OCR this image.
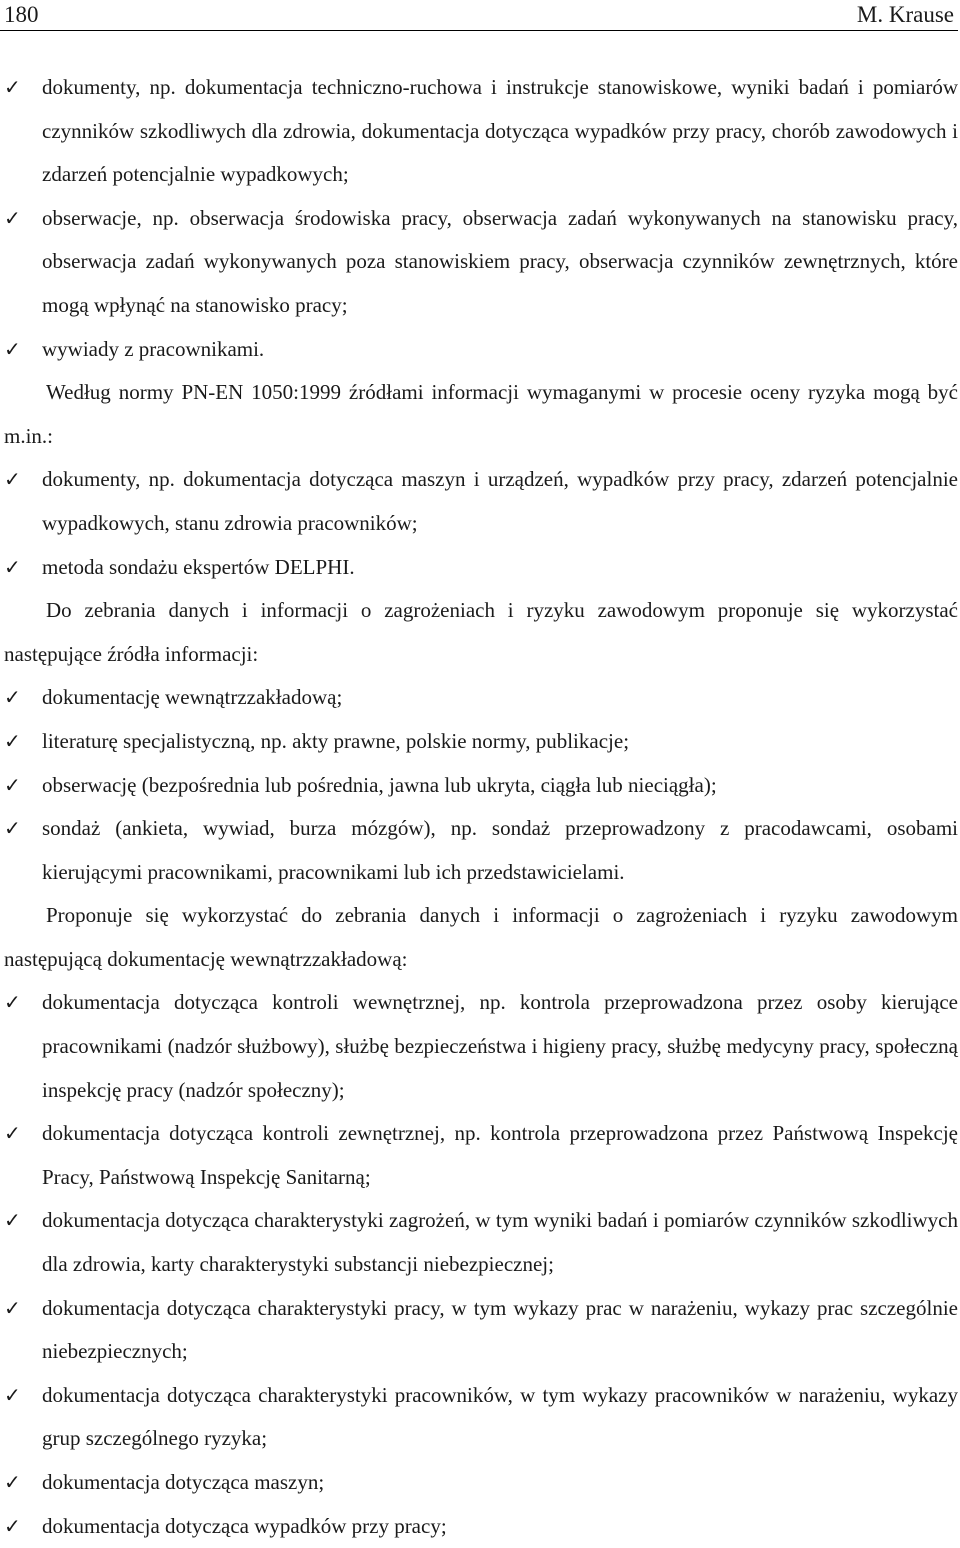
180	M. Krause
✓ dokumenty, np. dokumentacja techniczno-ruchowa i instrukcje stanowiskowe, wyniki badań i pomiarów czynników szkodliwych dla zdrowia, dokumentacja dotycząca wypadków przy pracy, chorób zawodowych i zdarzeń potencjalnie wypadkowych;
✓ obserwacje, np. obserwacja środowiska pracy, obserwacja zadań wykonywanych na stanowisku pracy, obserwacja zadań wykonywanych poza stanowiskiem pracy, obserwacja czynników zewnętrznych, które mogą wpłynąć na stanowisko pracy;
✓ wywiady z pracownikami.
Według normy PN-EN 1050:1999 źródłami informacji wymaganymi w procesie oceny ryzyka mogą być m.in.:
✓ dokumenty, np. dokumentacja dotycząca maszyn i urządzeń, wypadków przy pracy, zdarzeń potencjalnie wypadkowych, stanu zdrowia pracowników;
✓ metoda sondażu ekspertów DELPHI.
Do zebrania danych i informacji o zagrożeniach i ryzyku zawodowym proponuje się wykorzystać następujące źródła informacji:
✓ dokumentację wewnątrzzakładową;
✓ literaturę specjalistyczną, np. akty prawne, polskie normy, publikacje;
✓ obserwację (bezpośrednia lub pośrednia, jawna lub ukryta, ciągła lub nieciągła);
✓ sondaż (ankieta, wywiad, burza mózgów), np. sondaż przeprowadzony z pracodawcami, osobami kierującymi pracownikami, pracownikami lub ich przedstawicielami.
Proponuje się wykorzystać do zebrania danych i informacji o zagrożeniach i ryzyku zawodowym następującą dokumentację wewnątrzzakładową:
✓ dokumentacja dotycząca kontroli wewnętrznej, np. kontrola przeprowadzona przez osoby kierujące pracownikami (nadzór służbowy), służbę bezpieczeństwa i higieny pracy, służbę medycyny pracy, społeczną inspekcję pracy (nadzór społeczny);
✓ dokumentacja dotycząca kontroli zewnętrznej, np. kontrola przeprowadzona przez Państwową Inspekcję Pracy, Państwową Inspekcję Sanitarną;
✓ dokumentacja dotycząca charakterystyki zagrożeń, w tym wyniki badań i pomiarów czynników szkodliwych dla zdrowia, karty charakterystyki substancji niebezpiecznej;
✓ dokumentacja dotycząca charakterystyki pracy, w tym wykazy prac w narażeniu, wykazy prac szczególnie niebezpiecznych;
✓ dokumentacja dotycząca charakterystyki pracowników, w tym wykazy pracowników w narażeniu, wykazy grup szczególnego ryzyka;
✓ dokumentacja dotycząca maszyn;
✓ dokumentacja dotycząca wypadków przy pracy;
